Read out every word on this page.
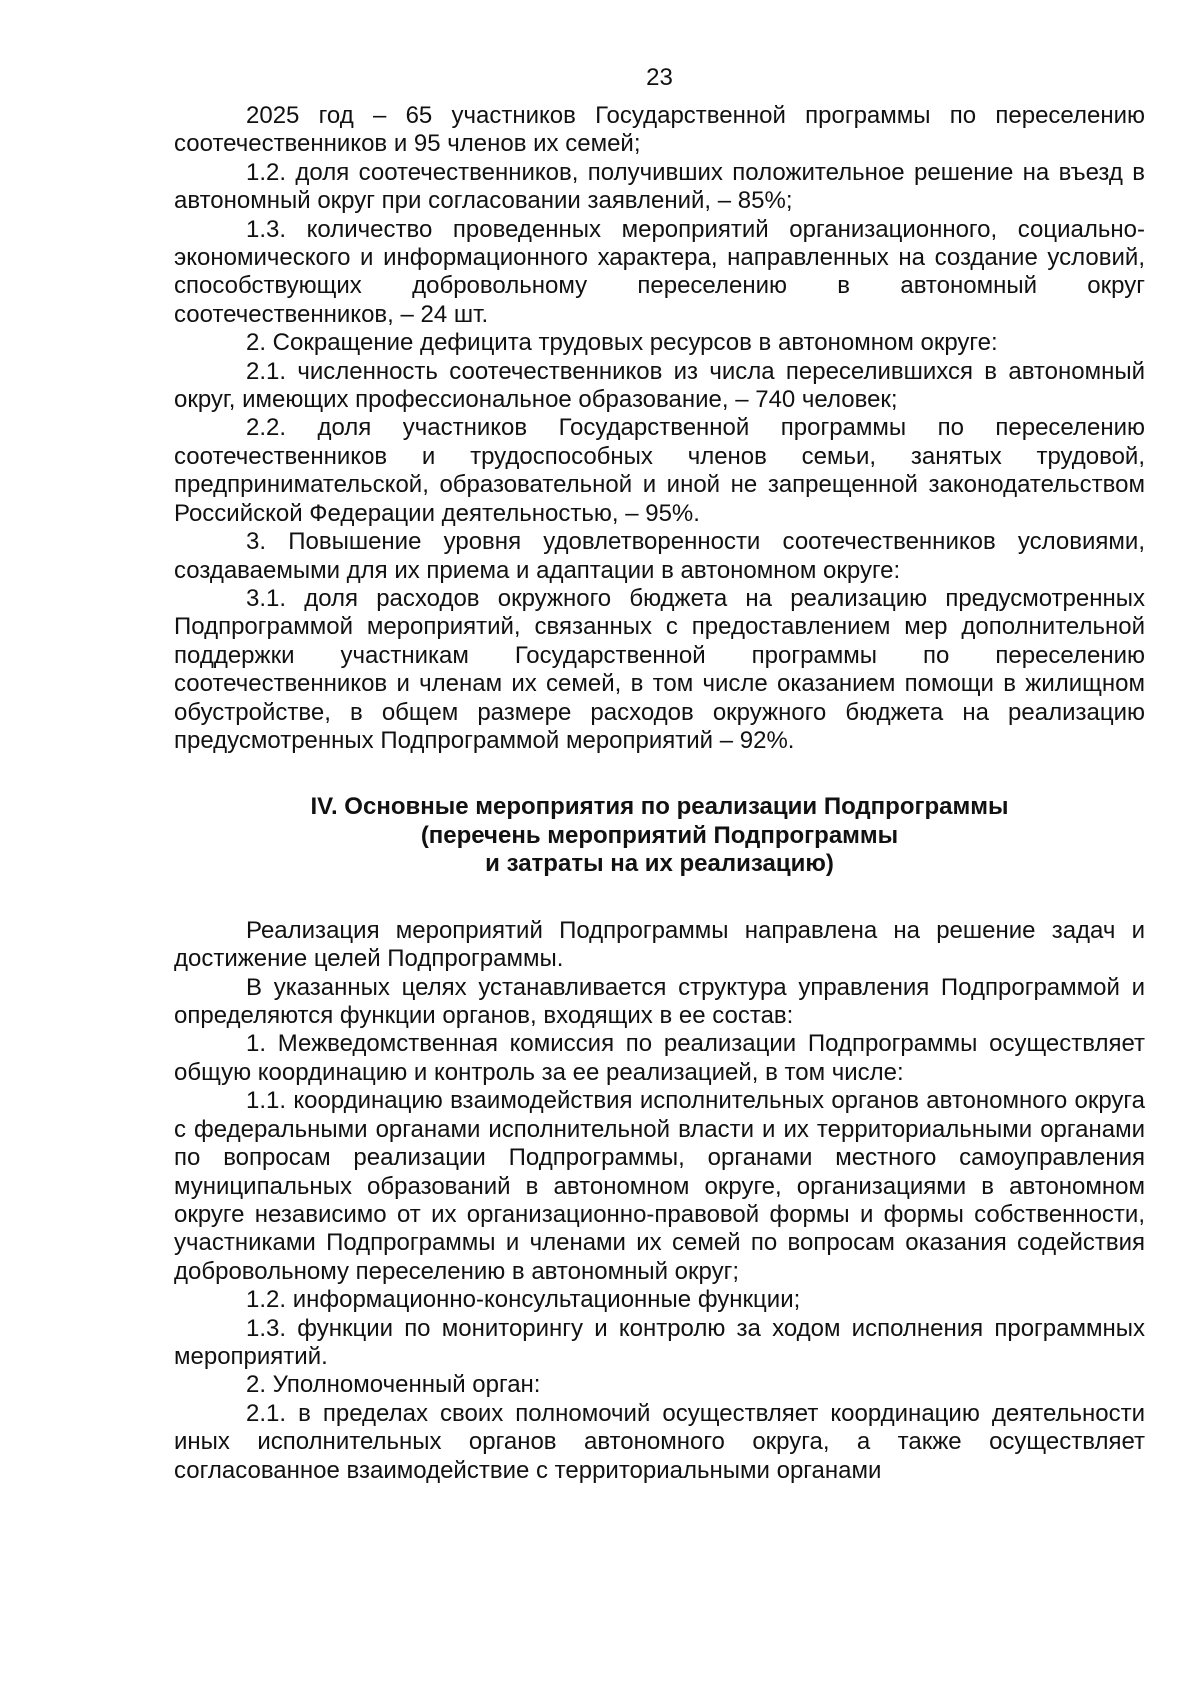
23

2025 год – 65 участников Государственной программы по переселению соотечественников и 95 членов их семей;

1.2. доля соотечественников, получивших положительное решение на въезд в автономный округ при согласовании заявлений, – 85%;

1.3. количество проведенных мероприятий организационного, социально-экономического и информационного характера, направленных на создание условий, способствующих добровольному переселению в автономный округ соотечественников, – 24 шт.

2. Сокращение дефицита трудовых ресурсов в автономном округе:

2.1. численность соотечественников из числа переселившихся в автономный округ, имеющих профессиональное образование, – 740 человек;

2.2. доля участников Государственной программы по переселению соотечественников и трудоспособных членов семьи, занятых трудовой, предпринимательской, образовательной и иной не запрещенной законодательством Российской Федерации деятельностью, – 95%.

3. Повышение уровня удовлетворенности соотечественников условиями, создаваемыми для их приема и адаптации в автономном округе:

3.1. доля расходов окружного бюджета на реализацию предусмотренных Подпрограммой мероприятий, связанных с предоставлением мер дополнительной поддержки участникам Государственной программы по переселению соотечественников и членам их семей, в том числе оказанием помощи в жилищном обустройстве, в общем размере расходов окружного бюджета на реализацию предусмотренных Подпрограммой мероприятий – 92%.

IV. Основные мероприятия по реализации Подпрограммы
(перечень мероприятий Подпрограммы
и затраты на их реализацию)

Реализация мероприятий Подпрограммы направлена на решение задач и достижение целей Подпрограммы.

В указанных целях устанавливается структура управления Подпрограммой и определяются функции органов, входящих в ее состав:

1. Межведомственная комиссия по реализации Подпрограммы осуществляет общую координацию и контроль за ее реализацией, в том числе:

1.1. координацию взаимодействия исполнительных органов автономного округа с федеральными органами исполнительной власти и их территориальными органами по вопросам реализации Подпрограммы, органами местного самоуправления муниципальных образований в автономном округе, организациями в автономном округе независимо от их организационно-правовой формы и формы собственности, участниками Подпрограммы и членами их семей по вопросам оказания содействия добровольному переселению в автономный округ;

1.2. информационно-консультационные функции;

1.3. функции по мониторингу и контролю за ходом исполнения программных мероприятий.

2. Уполномоченный орган:

2.1. в пределах своих полномочий осуществляет координацию деятельности иных исполнительных органов автономного округа, а также осуществляет согласованное взаимодействие с территориальными органами
